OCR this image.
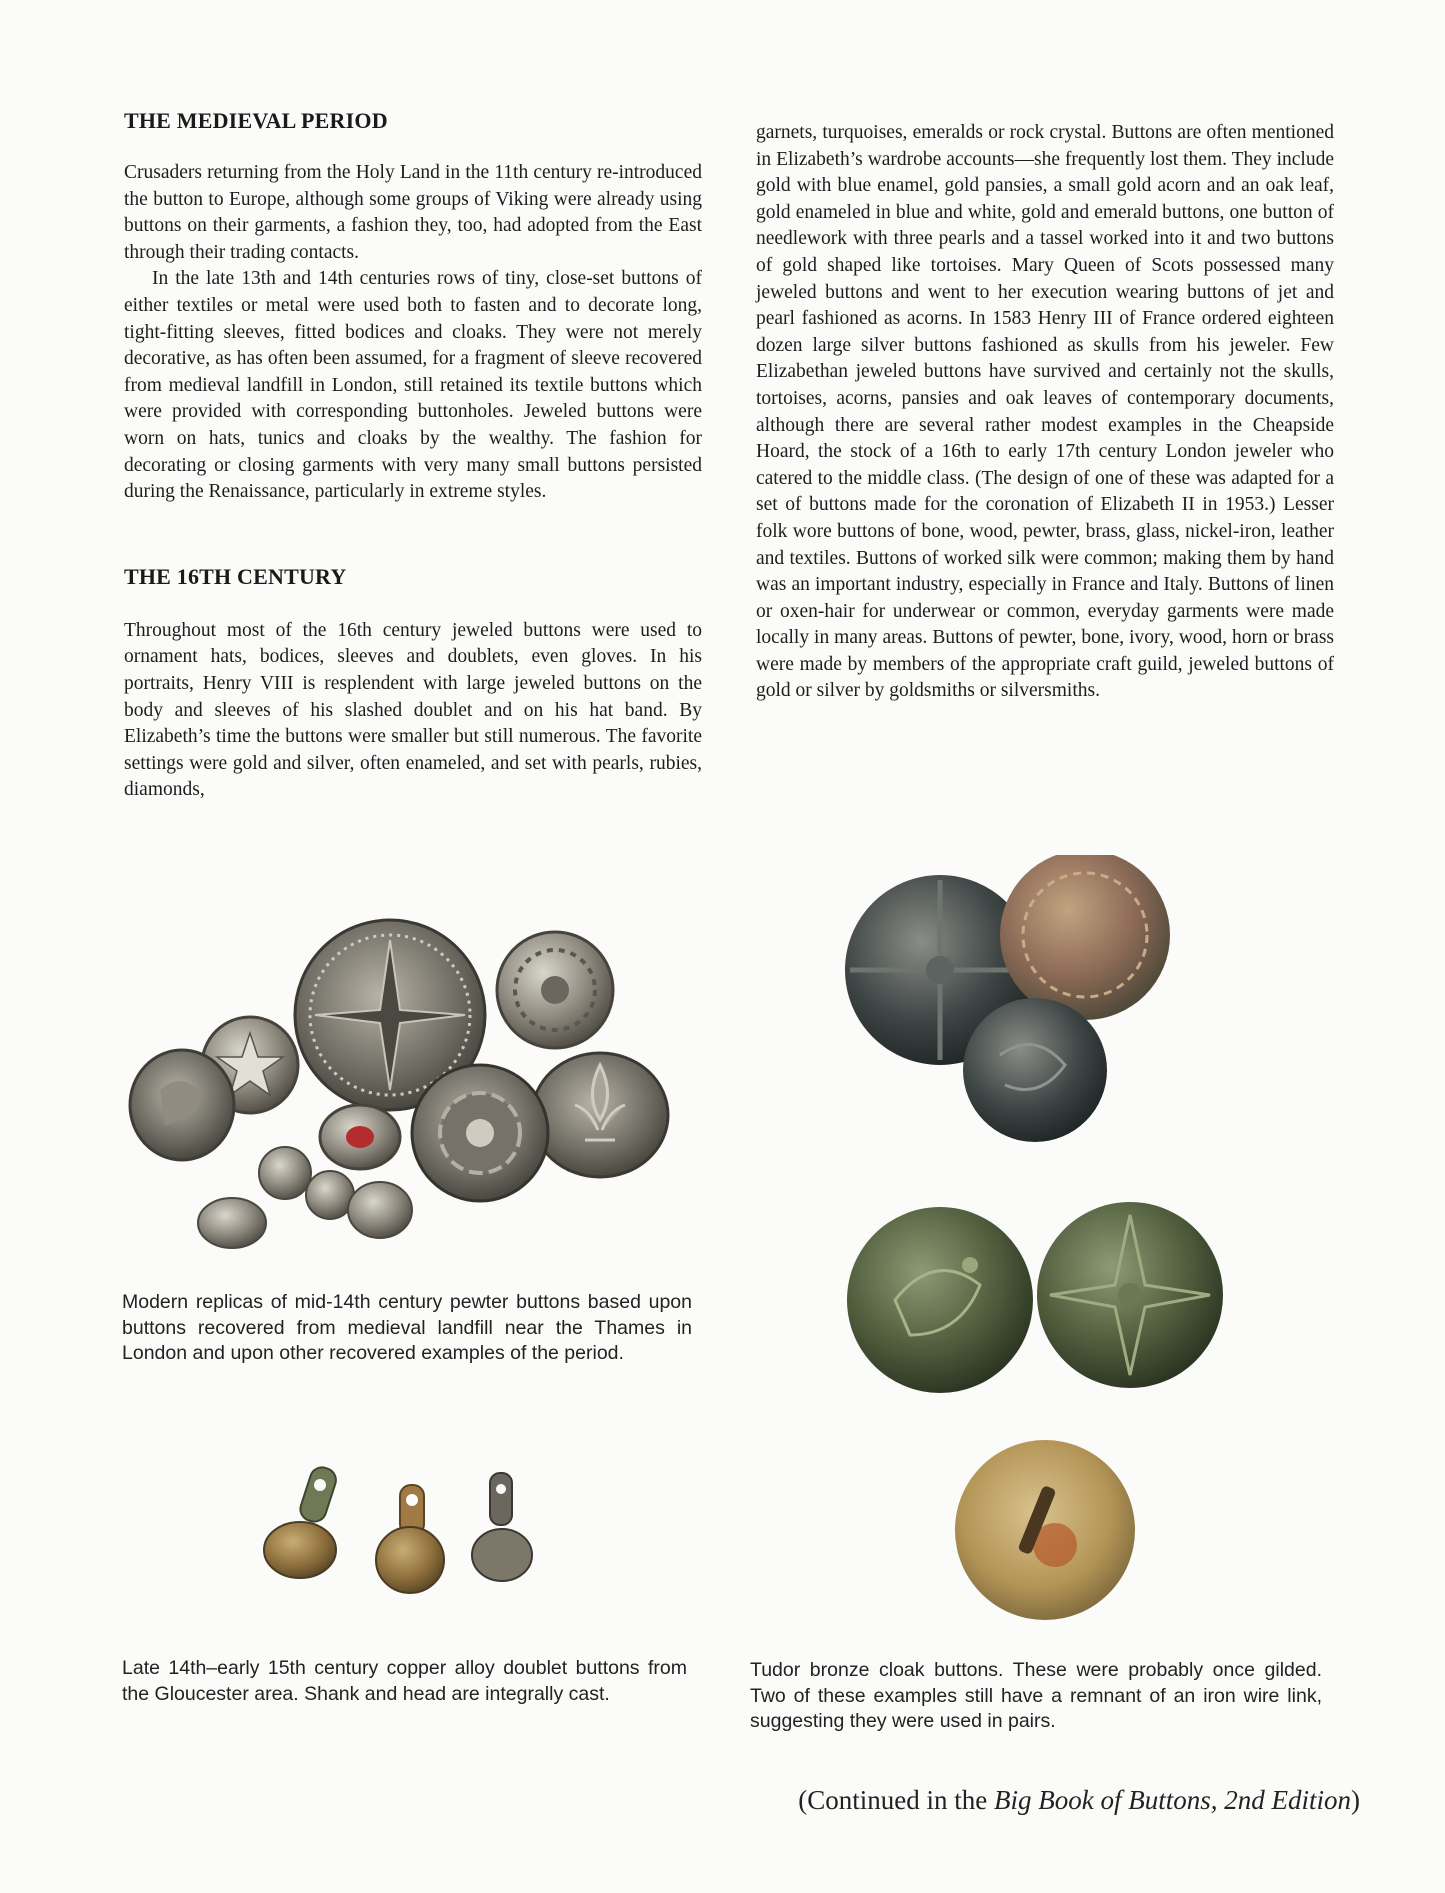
THE MEDIEVAL PERIOD

Crusaders returning from the Holy Land in the 11th century re-introduced the button to Europe, although some groups of Viking were already using buttons on their garments, a fashion they, too, had adopted from the East through their trading contacts.

In the late 13th and 14th centuries rows of tiny, close-set buttons of either textiles or metal were used both to fasten and to decorate long, tight-fitting sleeves, fitted bodices and cloaks. They were not merely decorative, as has often been assumed, for a fragment of sleeve recovered from medieval landfill in London, still retained its textile buttons which were provided with corresponding buttonholes. Jeweled buttons were worn on hats, tunics and cloaks by the wealthy. The fashion for decorating or closing garments with very many small buttons persisted during the Renaissance, particularly in extreme styles.

THE 16TH CENTURY

Throughout most of the 16th century jeweled buttons were used to ornament hats, bodices, sleeves and doublets, even gloves. In his portraits, Henry VIII is resplendent with large jeweled buttons on the body and sleeves of his slashed doublet and on his hat band. By Elizabeth’s time the buttons were smaller but still numerous. The favorite settings were gold and silver, often enameled, and set with pearls, rubies, diamonds,

garnets, turquoises, emeralds or rock crystal. Buttons are often mentioned in Elizabeth’s wardrobe accounts—she frequently lost them. They include gold with blue enamel, gold pansies, a small gold acorn and an oak leaf, gold enameled in blue and white, gold and emerald buttons, one button of needlework with three pearls and a tassel worked into it and two buttons of gold shaped like tortoises. Mary Queen of Scots possessed many jeweled buttons and went to her execution wearing buttons of jet and pearl fashioned as acorns. In 1583 Henry III of France ordered eighteen dozen large silver buttons fashioned as skulls from his jeweler. Few Elizabethan jeweled buttons have survived and certainly not the skulls, tortoises, acorns, pansies and oak leaves of contemporary documents, although there are several rather modest examples in the Cheapside Hoard, the stock of a 16th to early 17th century London jeweler who catered to the middle class. (The design of one of these was adapted for a set of buttons made for the coronation of Elizabeth II in 1953.) Lesser folk wore buttons of bone, wood, pewter, brass, glass, nickel-iron, leather and textiles. Buttons of worked silk were common; making them by hand was an important industry, especially in France and Italy. Buttons of linen or oxen-hair for underwear or common, everyday garments were made locally in many areas. Buttons of pewter, bone, ivory, wood, horn or brass were made by members of the appropriate craft guild, jeweled buttons of gold or silver by goldsmiths or silversmiths.

Modern replicas of mid-14th century pewter buttons based upon buttons recovered from medieval landfill near the Thames in London and upon other recovered examples of the period.
Late 14th–early 15th century copper alloy doublet buttons from the Gloucester area. Shank and head are integrally cast.
Tudor bronze cloak buttons. These were probably once gilded. Two of these examples still have a remnant of an iron wire link, suggesting they were used in pairs.
(Continued in the Big Book of Buttons, 2nd Edition)
